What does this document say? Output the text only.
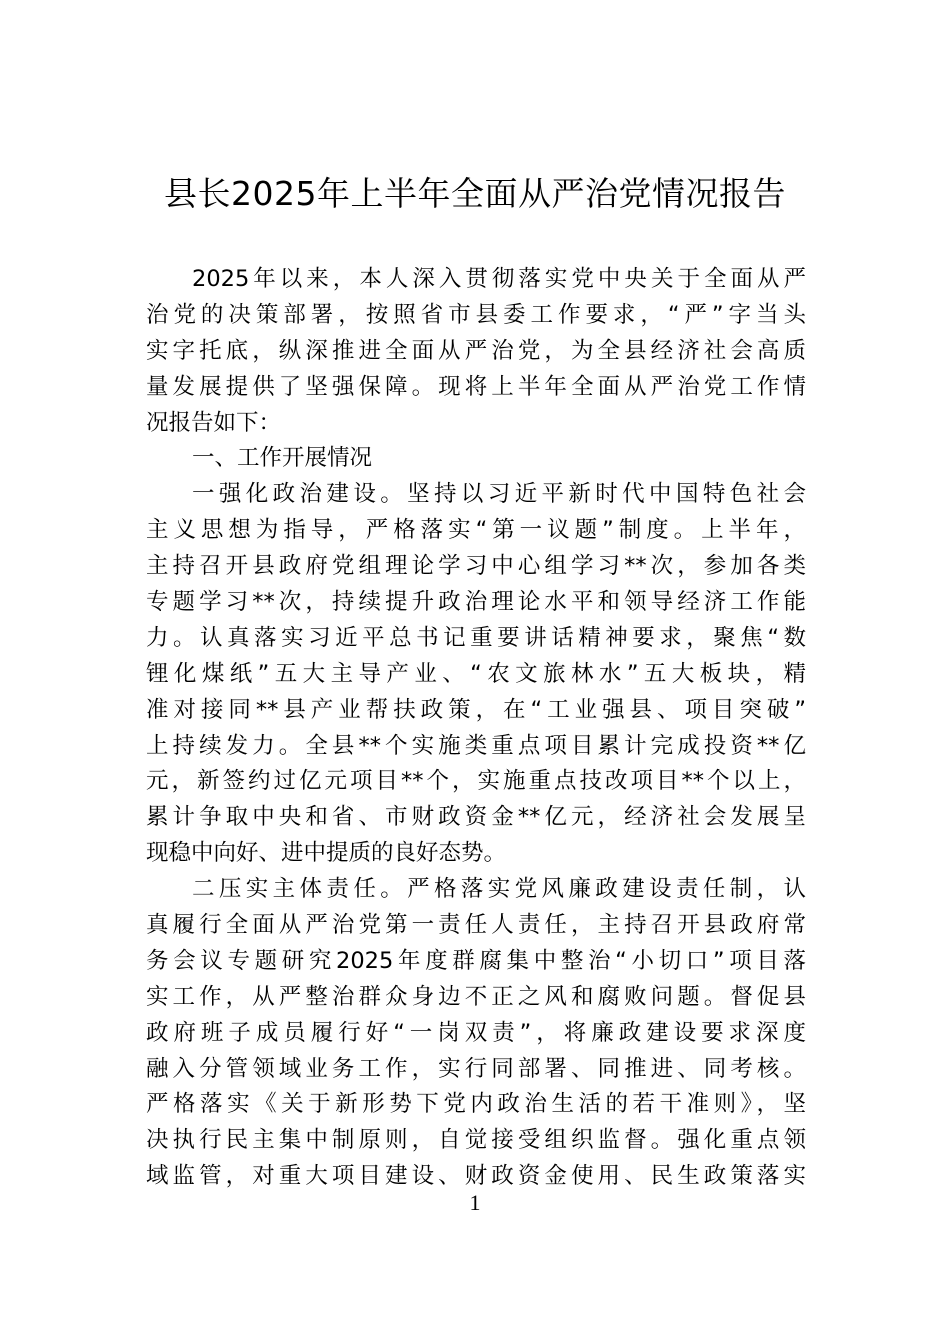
县长2025年上半年全面从严治党情况报告
2025年以来，本人深入贯彻落实党中央关于全面从严
治党的决策部署，按照省市县委工作要求，“严”字当头
实字托底，纵深推进全面从严治党，为全县经济社会高质
量发展提供了坚强保障。现将上半年全面从严治党工作情
况报告如下：
一、工作开展情况
一强化政治建设。坚持以习近平新时代中国特色社会
主义思想为指导，严格落实“第一议题”制度。上半年，
主持召开县政府党组理论学习中心组学习**次，参加各类
专题学习**次，持续提升政治理论水平和领导经济工作能
力。认真落实习近平总书记重要讲话精神要求，聚焦“数
锂化煤纸”五大主导产业、“农文旅林水”五大板块，精
准对接同**县产业帮扶政策，在“工业强县、项目突破”
上持续发力。全县**个实施类重点项目累计完成投资**亿
元，新签约过亿元项目**个，实施重点技改项目**个以上，
累计争取中央和省、市财政资金**亿元，经济社会发展呈
现稳中向好、进中提质的良好态势。
二压实主体责任。严格落实党风廉政建设责任制，认
真履行全面从严治党第一责任人责任，主持召开县政府常
务会议专题研究2025年度群腐集中整治“小切口”项目落
实工作，从严整治群众身边不正之风和腐败问题。督促县
政府班子成员履行好“一岗双责”，将廉政建设要求深度
融入分管领域业务工作，实行同部署、同推进、同考核。
严格落实《关于新形势下党内政治生活的若干准则》，坚
决执行民主集中制原则，自觉接受组织监督。强化重点领
域监管，对重大项目建设、财政资金使用、民生政策落实
1
